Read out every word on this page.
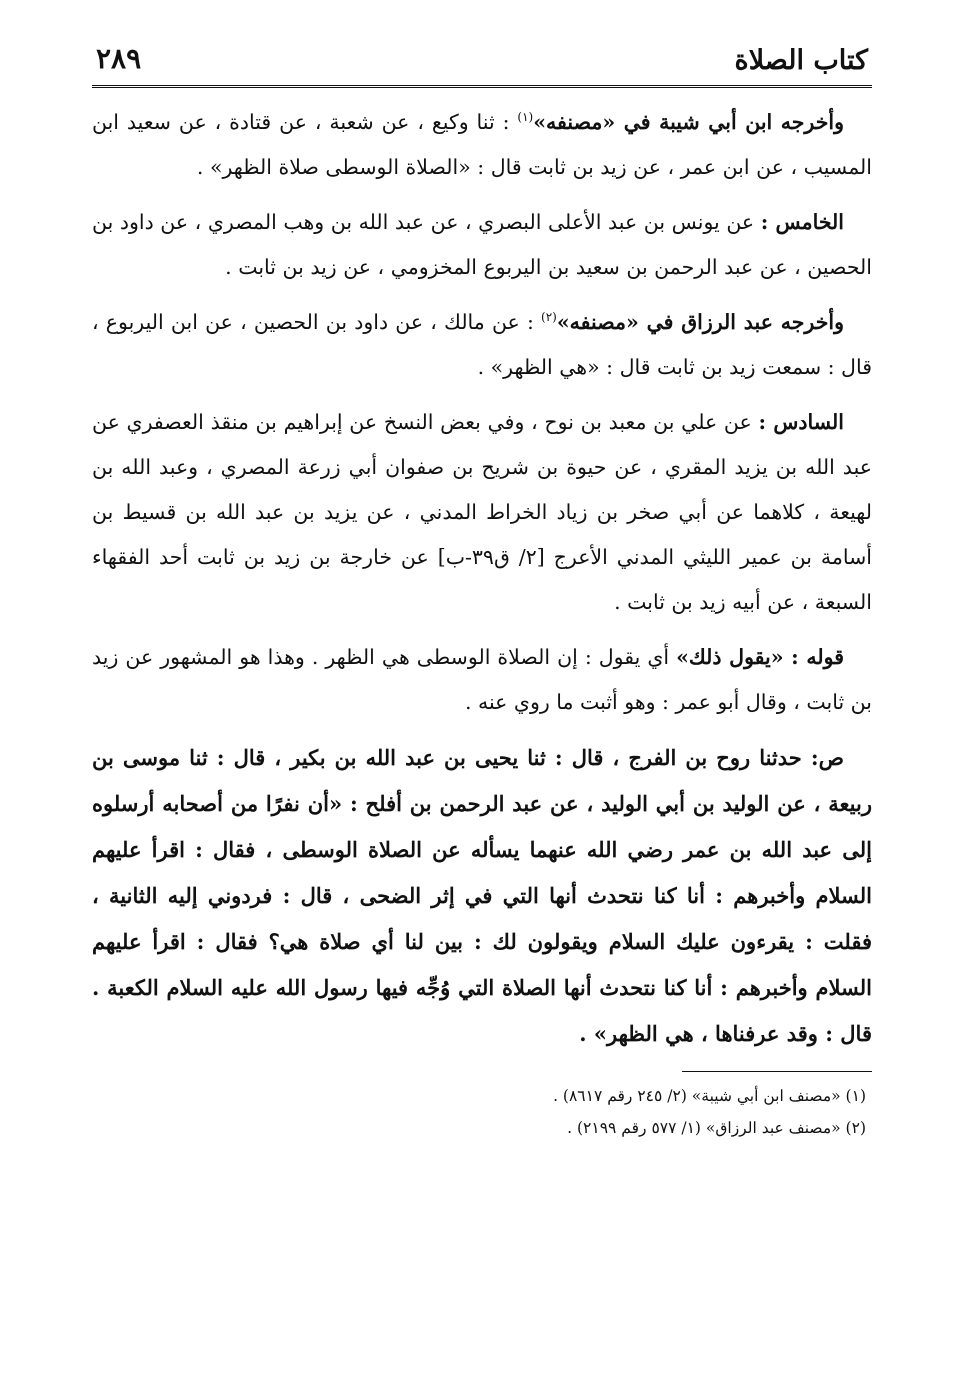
كتاب الصلاة
٢٨٩

وأخرجه ابن أبي شيبة في «مصنفه»$^{(١)}$ : ثنا وكيع ، عن شعبة ، عن قتادة ، عن سعيد ابن المسيب ، عن ابن عمر ، عن زيد بن ثابت قال : «الصلاة الوسطى صلاة الظهر» .

الخامس : عن يونس بن عبد الأعلى البصري ، عن عبد الله بن وهب المصري ، عن داود بن الحصين ، عن عبد الرحمن بن سعيد بن اليربوع المخزومي ، عن زيد بن ثابت .

وأخرجه عبد الرزاق في «مصنفه»$^{(٢)}$ : عن مالك ، عن داود بن الحصين ، عن ابن اليربوع ، قال : سمعت زيد بن ثابت قال : «هي الظهر» .

السادس : عن علي بن معبد بن نوح ، وفي بعض النسخ عن إبراهيم بن منقذ العصفري عن عبد الله بن يزيد المقري ، عن حيوة بن شريح بن صفوان أبي زرعة المصري ، وعبد الله بن لهيعة ، كلاهما عن أبي صخر بن زياد الخراط المدني ، عن يزيد بن عبد الله بن قسيط بن أسامة بن عمير الليثي المدني الأعرج [٢/ ق٣٩-ب] عن خارجة بن زيد بن ثابت أحد الفقهاء السبعة ، عن أبيه زيد بن ثابت .

قوله : «يقول ذلك» أي يقول : إن الصلاة الوسطى هي الظهر . وهذا هو المشهور عن زيد بن ثابت ، وقال أبو عمر : وهو أثبت ما روي عنه .

ص: حدثنا روح بن الفرج ، قال : ثنا يحيى بن عبد الله بن بكير ، قال : ثنا موسى بن ربيعة ، عن الوليد بن أبي الوليد ، عن عبد الرحمن بن أفلح : «أن نفرًا من أصحابه أرسلوه إلى عبد الله بن عمر رضي الله عنهما يسأله عن الصلاة الوسطى ، فقال : اقرأ عليهم السلام وأخبرهم : أنا كنا نتحدث أنها التي في إثر الضحى ، قال : فردوني إليه الثانية ، فقلت : يقرءون عليك السلام ويقولون لك : بين لنا أي صلاة هي؟ فقال : اقرأ عليهم السلام وأخبرهم : أنا كنا نتحدث أنها الصلاة التي وُجِّه فيها رسول الله عليه السلام الكعبة . قال : وقد عرفناها ، هي الظهر» .

(١) «مصنف ابن أبي شيبة» (٢/ ٢٤٥ رقم ٨٦١٧) .

(٢) «مصنف عبد الرزاق» (١/ ٥٧٧ رقم ٢١٩٩) .
